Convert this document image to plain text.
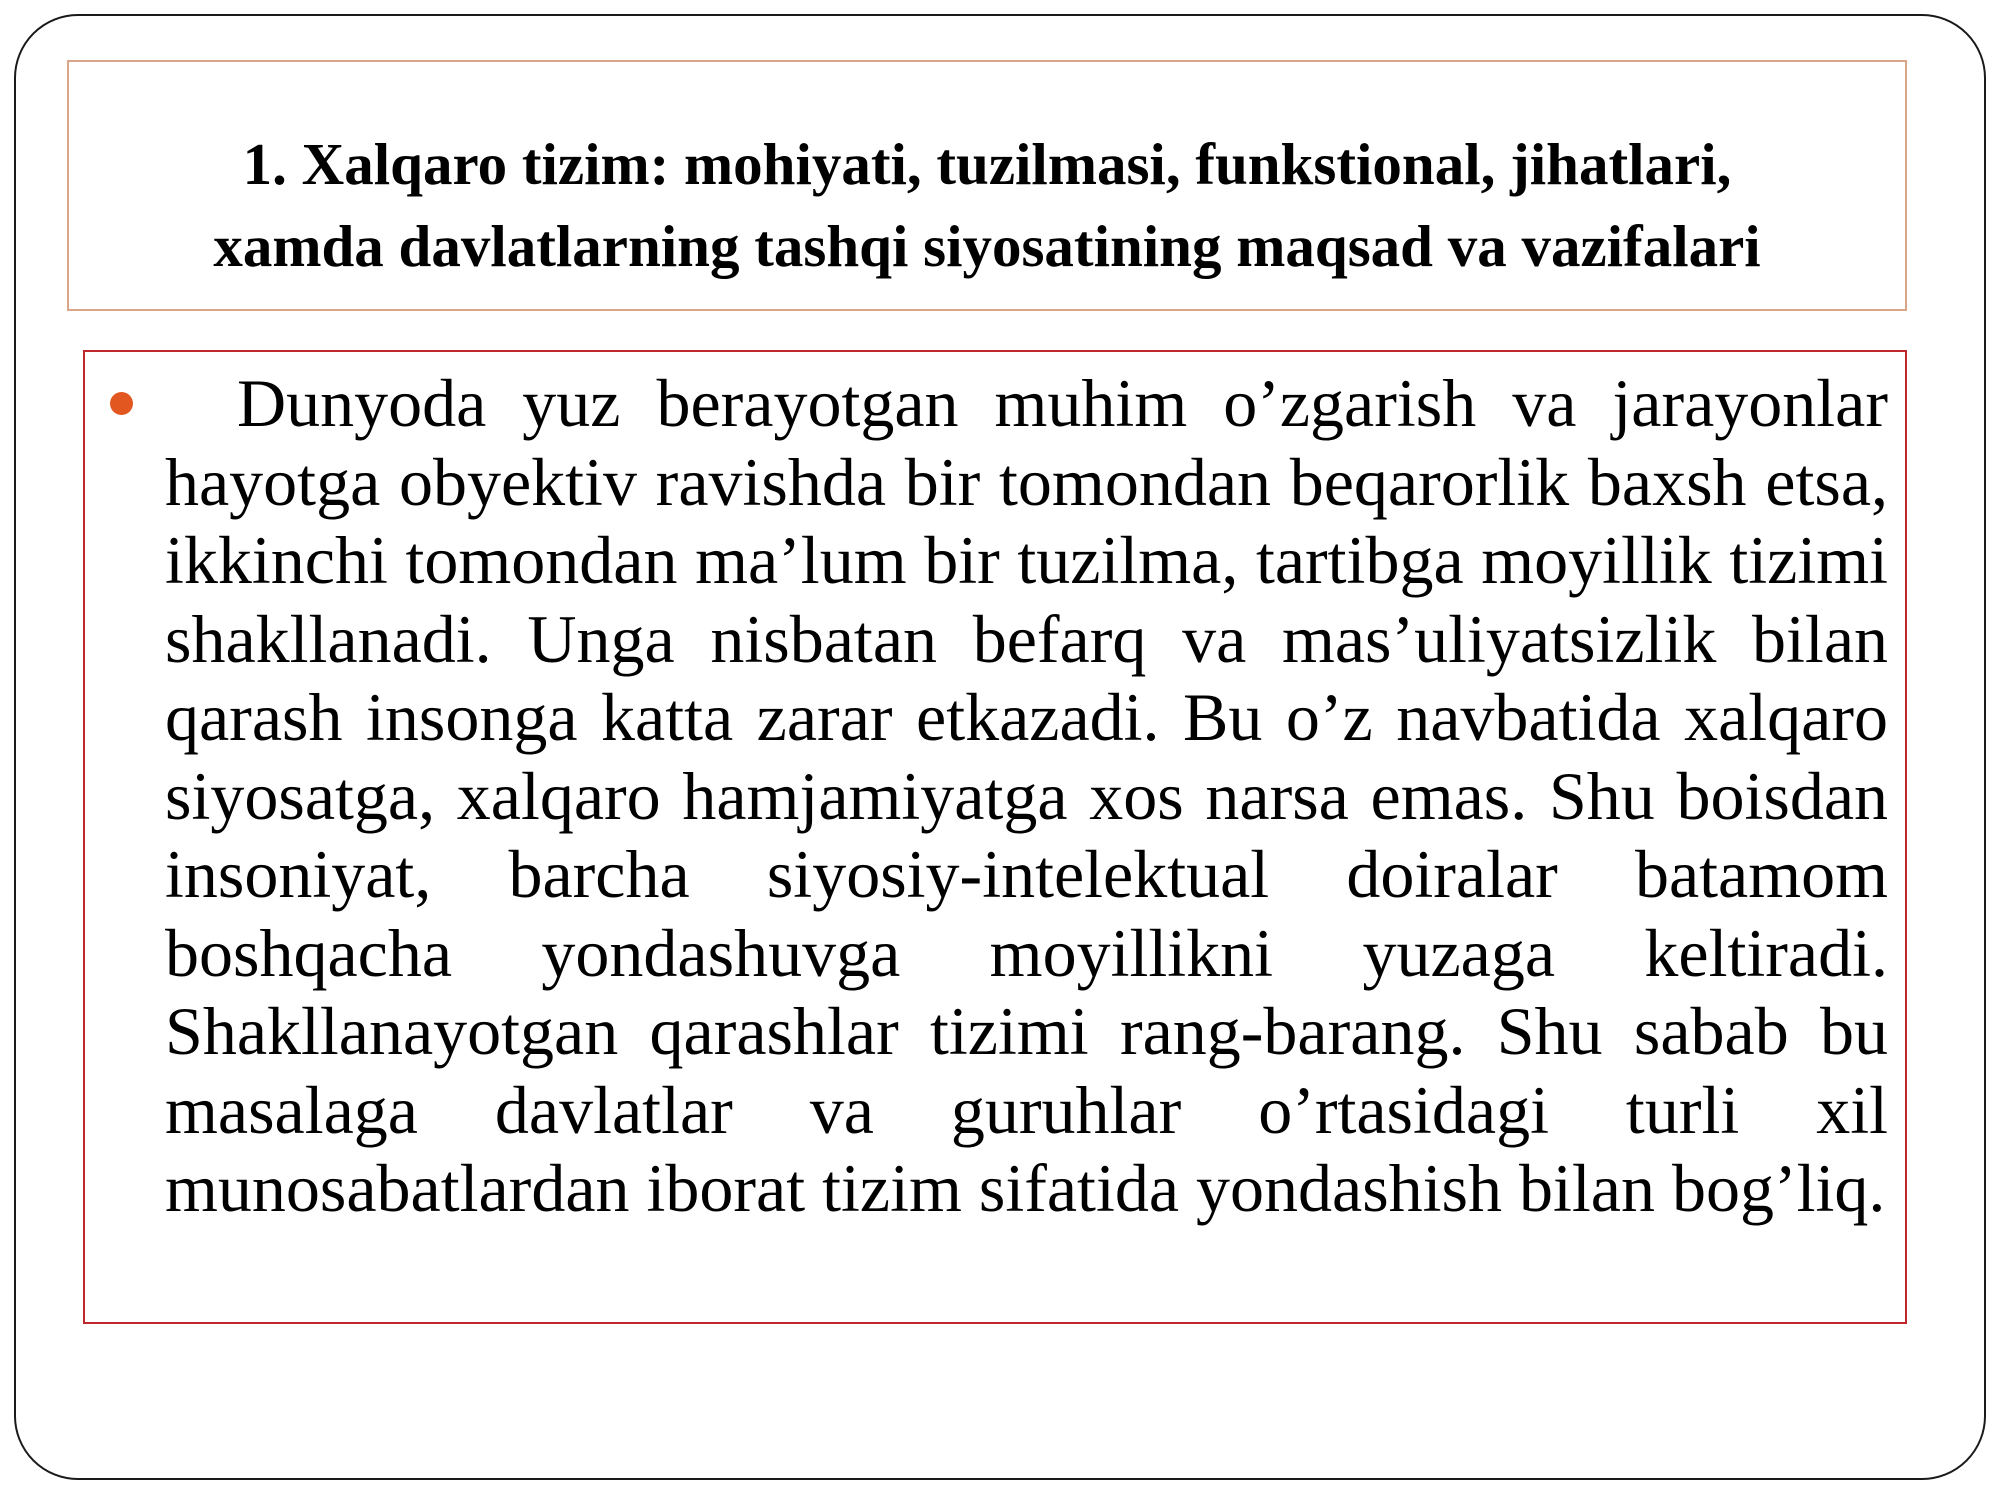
1. Xalqaro tizim: mohiyati, tuzilmasi, funkstional, jihatlari,
xamda davlatlarning tashqi siyosatining maqsad va vazifalari

Dunyoda yuz berayotgan muhim o’zgarish va jarayonlar hayotga obyektiv ravishda bir tomondan beqarorlik baxsh etsa, ikkinchi tomondan ma’lum bir tuzilma, tartibga moyillik tizimi shakllanadi. Unga nisbatan befarq va mas’uliyatsizlik bilan qarash insonga katta zarar etkazadi. Bu o’z navbatida xalqaro siyosatga, xalqaro hamjamiyatga xos narsa emas. Shu boisdan insoniyat, barcha siyosiy-intelektual doiralar batamom boshqacha yondashuvga moyillikni yuzaga keltiradi. Shakllanayotgan qarashlar tizimi rang-barang. Shu sabab bu masalaga davlatlar va guruhlar o’rtasidagi turli xil munosabatlardan iborat tizim sifatida yondashish bilan bog’liq.
